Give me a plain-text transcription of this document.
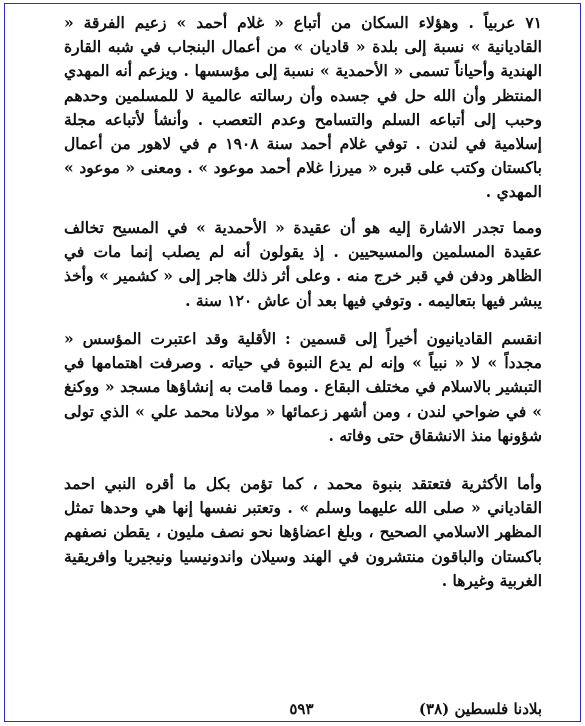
٧١ عربياً . وهؤلاء السكان من أتباع « غلام أحمد » زعيم الفرقة « القاديانية » نسبة إلى بلدة « قاديان » من أعمال البنجاب في شبه القارة الهندية وأحياناً تسمى « الأحمدية » نسبة إلى مؤسسها . ويزعم أنه المهدي المنتظر وأن الله حل في جسده وأن رسالته عالمية لا للمسلمين وحدهم وحبب إلى أتباعه السلم والتسامح وعدم التعصب . وأنشأ لأتباعه مجلة إسلامية في لندن . توفي غلام أحمد سنة ١٩٠٨ م في لاهور من أعمال باكستان وكتب على قبره « ميرزا غلام أحمد موعود » . ومعنى « موعود » المهدي .

ومما تجدر الاشارة إليه هو أن عقيدة « الأحمدية » في المسيح تخالف عقيدة المسلمين والمسيحيين . إذ يقولون أنه لم يصلب إنما مات في الظاهر ودفن في قبر خرج منه . وعلى أثر ذلك هاجر إلى « كشمير » وأخذ يبشر فيها بتعاليمه . وتوفي فيها بعد أن عاش ١٢٠ سنة .

انقسم القاديانيون أخيراً إلى قسمين : الأقلية وقد اعتبرت المؤسس « مجدداً » لا « نبياً » وإنه لم يدع النبوة في حياته . وصرفت اهتمامها في التبشير بالاسلام في مختلف البقاع . ومما قامت به إنشاؤها مسجد « ووكنغ » في ضواحي لندن ، ومن أشهر زعمائها « مولانا محمد علي » الذي تولى شؤونها منذ الانشقاق حتى وفاته .

وأما الأكثرية فتعتقد بنبوة محمد ، كما تؤمن بكل ما أقره النبي احمد القادياني « صلى الله عليهما وسلم » . وتعتبر نفسها إنها هي وحدها تمثل المظهر الاسلامي الصحيح ، وبلغ اعضاؤها نحو نصف مليون ، يقطن نصفهم باكستان والباقون منتشرون في الهند وسيلان واندونيسيا ونيجيريا وافريقية الغربية وغيرها .

بلادنا فلسطين (٣٨)
٥٩٣
